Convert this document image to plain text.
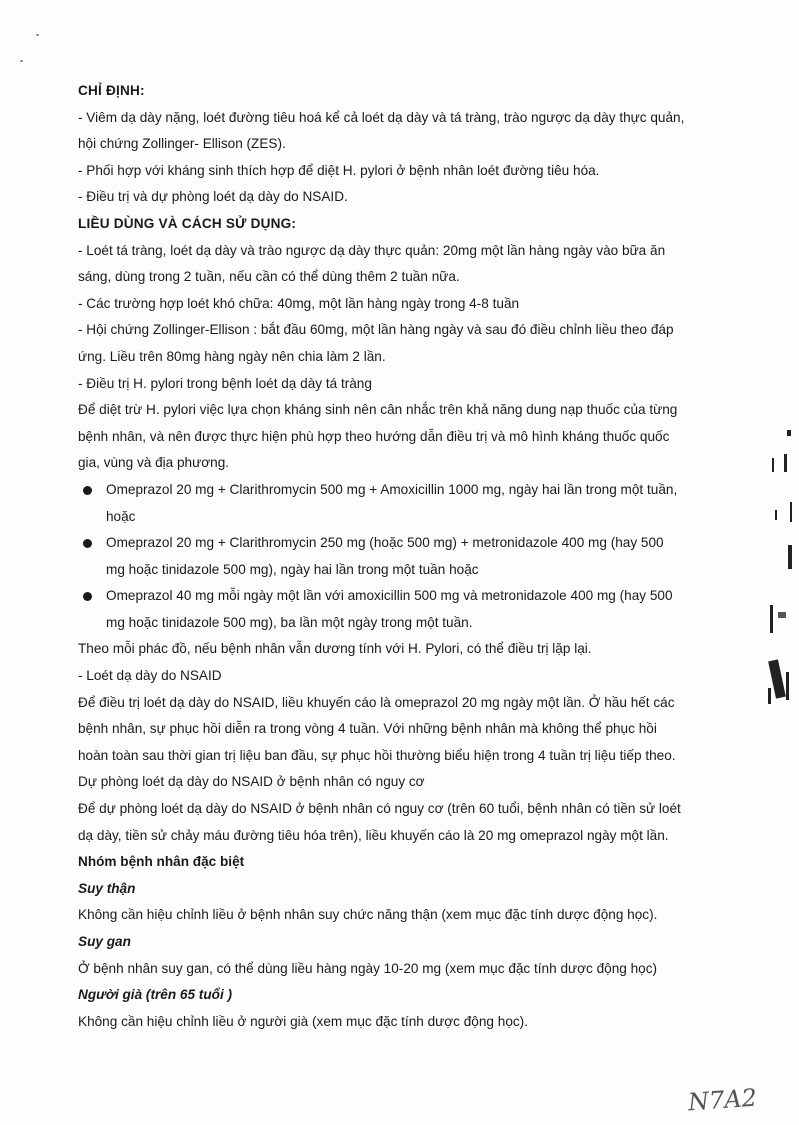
CHỈ ĐỊNH:
- Viêm dạ dày nặng, loét đường tiêu hoá kể cả loét dạ dày và tá tràng, trào ngược dạ dày thực quản,
hội chứng Zollinger- Ellison (ZES).
- Phối hợp với kháng sinh thích hợp để diệt H. pylori ở bệnh nhân loét đường tiêu hóa.
- Điều trị và dự phòng loét dạ dày do NSAID.
LIỀU DÙNG VÀ CÁCH SỬ DỤNG:
- Loét tá tràng, loét dạ dày và trào ngược dạ dày thực quản: 20mg một lần hàng ngày vào bữa ăn
sáng, dùng trong 2 tuần, nếu cần có thể dùng thêm 2 tuần nữa.
- Các trường hợp loét khó chữa: 40mg, một lần hàng ngày trong 4-8 tuần
- Hội chứng Zollinger-Ellison : bắt đầu 60mg, một lần hàng ngày và sau đó điều chỉnh liều theo đáp
ứng. Liều trên 80mg hàng ngày nên chia làm 2 lần.
- Điều trị H. pylori trong bệnh loét dạ dày tá tràng
Để diệt trừ H. pylori việc lựa chọn kháng sinh nên cân nhắc trên khả năng dung nạp thuốc của từng
bệnh nhân, và nên được thực hiện phù hợp theo hướng dẫn điều trị và mô hình kháng thuốc quốc
gia, vùng và địa phương.
Omeprazol 20 mg + Clarithromycin 500 mg + Amoxicillin 1000 mg, ngày hai lần trong một tuần,
hoặc
Omeprazol 20 mg + Clarithromycin 250 mg (hoặc 500 mg) + metronidazole 400 mg (hay 500
mg hoặc tinidazole 500 mg), ngày hai lần trong một tuần hoặc
Omeprazol 40 mg mỗi ngày một lần với amoxicillin 500 mg và metronidazole 400 mg (hay 500
mg hoặc tinidazole 500 mg), ba lần một ngày trong một tuần.
Theo mỗi phác đồ, nếu bệnh nhân vẫn dương tính với H. Pylori, có thể điều trị lặp lại.
- Loét dạ dày do NSAID
Để điều trị loét dạ dày do NSAID, liều khuyến cáo là omeprazol 20 mg ngày một lần. Ở hầu hết các
bệnh nhân, sự phục hồi diễn ra trong vòng 4 tuần. Với những bệnh nhân mà không thể phục hồi
hoàn toàn sau thời gian trị liệu ban đầu, sự phục hồi thường biểu hiện trong 4 tuần trị liệu tiếp theo.
Dự phòng loét dạ dày do NSAID ở bệnh nhân có nguy cơ
Để dự phòng loét dạ dày do NSAID ở bệnh nhân có nguy cơ (trên 60 tuổi, bệnh nhân có tiền sử loét
dạ dày, tiền sử chảy máu đường tiêu hóa trên), liều khuyến cáo là 20 mg omeprazol ngày một lần.
Nhóm bệnh nhân đặc biệt
Suy thận
Không cần hiệu chỉnh liều ở bệnh nhân suy chức năng thận (xem mục đặc tính dược động học).
Suy gan
Ở bệnh nhân suy gan, có thể dùng liều hàng ngày 10-20 mg (xem mục đặc tính dược động học)
Người già (trên 65 tuổi )
Không cần hiệu chỉnh liều ở người già (xem mục đặc tính dược động học).
N7A2
